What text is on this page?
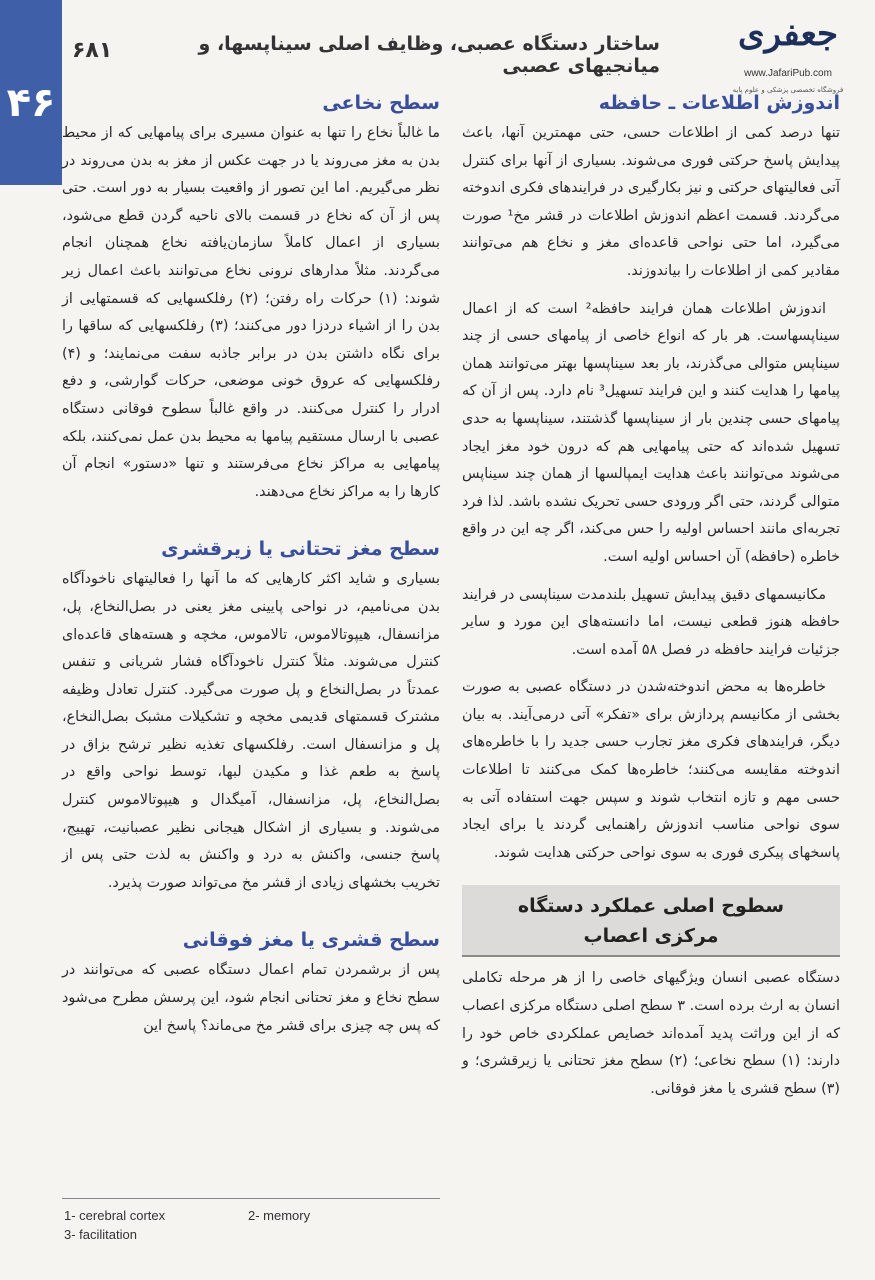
۴۶
۶۸۱	ساختار دستگاه عصبی، وظایف اصلی سیناپسها، و میانجیهای عصبی
جعفری
www.JafariPub.com
فروشگاه تخصصی پزشکی و علوم پایه
اندوزش اطلاعات ـ حافظه

تنها درصد کمی از اطلاعات حسی، حتی مهمترین آنها، باعث پیدایش پاسخ حرکتی فوری می‌شوند. بسیاری از آنها برای کنترل آتی فعالیتهای حرکتی و نیز بکارگیری در فرایندهای فکری اندوخته می‌گردند. قسمت اعظم اندوزش اطلاعات در قشر مخ¹ صورت می‌گیرد، اما حتی نواحی قاعده‌ای مغز و نخاع هم می‌توانند مقادیر کمی از اطلاعات را بیاندوزند.

اندوزش اطلاعات همان فرایند حافظه² است که از اعمال سیناپسهاست. هر بار که انواع خاصی از پیامهای حسی از چند سیناپس متوالی می‌گذرند، بار بعد سیناپسها بهتر می‌توانند همان پیامها را هدایت کنند و این فرایند تسهیل³ نام دارد. پس از آن که پیامهای حسی چندین بار از سیناپسها گذشتند، سیناپسها به حدی تسهیل شده‌اند که حتی پیامهایی هم که درون خود مغز ایجاد می‌شوند می‌توانند باعث هدایت ایمپالسها از همان چند سیناپس متوالی گردند، حتی اگر ورودی حسی تحریک نشده باشد. لذا فرد تجربه‌ای مانند احساس اولیه را حس می‌کند، اگر چه این در واقع خاطره (حافظه) آن احساس اولیه است.

مکانیسمهای دقیق پیدایش تسهیل بلندمدت سیناپسی در فرایند حافظه هنوز قطعی نیست، اما دانسته‌های این مورد و سایر جزئیات فرایند حافظه در فصل ۵۸ آمده است.

خاطره‌ها به محض اندوخته‌شدن در دستگاه عصبی به صورت بخشی از مکانیسم پردازش برای «تفکر» آتی درمی‌آیند. به بیان دیگر، فرایندهای فکری مغز تجارب حسی جدید را با خاطره‌های اندوخته مقایسه می‌کنند؛ خاطره‌ها کمک می‌کنند تا اطلاعات حسی مهم و تازه انتخاب شوند و سپس جهت استفاده آتی به سوی نواحی مناسب اندوزش راهنمایی گردند یا برای ایجاد پاسخهای پیکری فوری به سوی نواحی حرکتی هدایت شوند.

سطوح اصلی عملکرد دستگاه
مرکزی اعصاب

دستگاه عصبی انسان ویژگیهای خاصی را از هر مرحله تکاملی انسان به ارث برده است. ۳ سطح اصلی دستگاه مرکزی اعصاب که از این وراثت پدید آمده‌اند خصایص عملکردی خاص خود را دارند: (۱) سطح نخاعی؛ (۲) سطح مغز تحتانی یا زیرقشری؛ و (۳) سطح قشری یا مغز فوقانی.

سطح نخاعی

ما غالباً نخاع را تنها به عنوان مسیری برای پیامهایی که از محیط بدن به مغز می‌روند یا در جهت عکس از مغز به بدن می‌روند در نظر می‌گیریم. اما این تصور از واقعیت بسیار به دور است. حتی پس از آن که نخاع در قسمت بالای ناحیه گردن قطع می‌شود، بسیاری از اعمال کاملاً سازمان‌یافته نخاع همچنان انجام می‌گردند. مثلاً مدارهای نرونی نخاع می‌توانند باعث اعمال زیر شوند: (۱) حرکات راه رفتن؛ (۲) رفلکسهایی که قسمتهایی از بدن را از اشیاء دردزا دور می‌کنند؛ (۳) رفلکسهایی که ساقها را برای نگاه داشتن بدن در برابر جاذبه سفت می‌نمایند؛ و (۴) رفلکسهایی که عروق خونی موضعی، حرکات گوارشی، و دفع ادرار را کنترل می‌کنند. در واقع غالباً سطوح فوقانی دستگاه عصبی با ارسال مستقیم پیامها به محیط بدن عمل نمی‌کنند، بلکه پیامهایی به مراکز نخاع می‌فرستند و تنها «دستور» انجام آن کارها را به مراکز نخاع می‌دهند.

سطح مغز تحتانی یا زیرقشری

بسیاری و شاید اکثر کارهایی که ما آنها را فعالیتهای ناخودآگاه بدن می‌نامیم، در نواحی پایینی مغز یعنی در بصل‌النخاع، پل، مزانسفال، هیپوتالاموس، تالاموس، مخچه و هسته‌های قاعده‌ای کنترل می‌شوند. مثلاً کنترل ناخودآگاه فشار شریانی و تنفس عمدتاً در بصل‌النخاع و پل صورت می‌گیرد. کنترل تعادل وظیفه مشترک قسمتهای قدیمی مخچه و تشکیلات مشبک بصل‌النخاع، پل و مزانسفال است. رفلکسهای تغذیه نظیر ترشح بزاق در پاسخ به طعم غذا و مکیدن لبها، توسط نواحی واقع در بصل‌النخاع، پل، مزانسفال، آمیگدال و هیپوتالاموس کنترل می‌شوند. و بسیاری از اشکال هیجانی نظیر عصبانیت، تهییج، پاسخ جنسی، واکنش به درد و واکنش به لذت حتی پس از تخریب بخشهای زیادی از قشر مخ می‌تواند صورت پذیرد.

سطح قشری یا مغز فوقانی

پس از برشمردن تمام اعمال دستگاه عصبی که می‌توانند در سطح نخاع و مغز تحتانی انجام شود، این پرسش مطرح می‌شود که پس چه چیزی برای قشر مخ می‌ماند؟ پاسخ این

1- cerebral cortex	2- memory
3- facilitation
